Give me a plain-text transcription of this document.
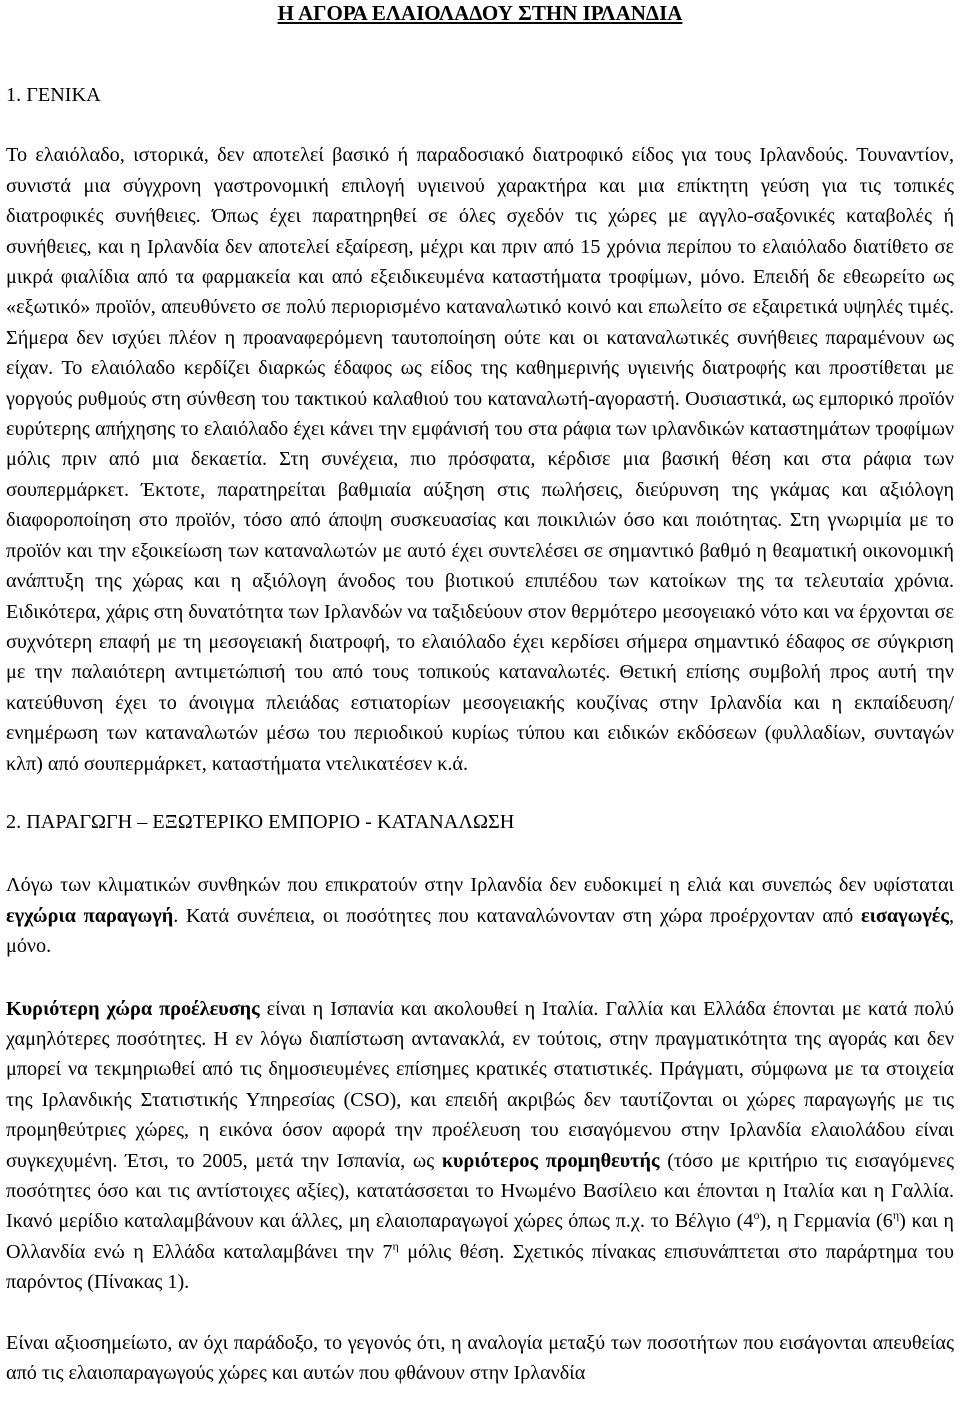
Η ΑΓΟΡΑ ΕΛΑΙΟΛΑΔΟΥ ΣΤΗΝ ΙΡΛΑΝΔΙΑ
1. ΓΕΝΙΚΑ

Το ελαιόλαδο, ιστορικά, δεν αποτελεί βασικό ή παραδοσιακό διατροφικό είδος για τους Ιρλανδούς. Τουναντίον, συνιστά μια σύγχρονη γαστρονομική επιλογή υγιεινού χαρακτήρα και μια επίκτητη γεύση για τις τοπικές διατροφικές συνήθειες. Όπως έχει παρατηρηθεί σε όλες σχεδόν τις χώρες με αγγλο-σαξονικές καταβολές ή συνήθειες, και η Ιρλανδία δεν αποτελεί εξαίρεση, μέχρι και πριν από 15 χρόνια περίπου το ελαιόλαδο διατίθετο σε μικρά φιαλίδια από τα φαρμακεία και από εξειδικευμένα καταστήματα τροφίμων, μόνο. Επειδή δε εθεωρείτο ως «εξωτικό» προϊόν, απευθύνετο σε πολύ περιορισμένο καταναλωτικό κοινό και επωλείτο σε εξαιρετικά υψηλές τιμές. Σήμερα δεν ισχύει πλέον η προαναφερόμενη ταυτοποίηση ούτε και οι καταναλωτικές συνήθειες παραμένουν ως είχαν. Το ελαιόλαδο κερδίζει διαρκώς έδαφος ως είδος της καθημερινής υγιεινής διατροφής και προστίθεται με γοργούς ρυθμούς στη σύνθεση του τακτικού καλαθιού του καταναλωτή-αγοραστή. Ουσιαστικά, ως εμπορικό προϊόν ευρύτερης απήχησης το ελαιόλαδο έχει κάνει την εμφάνισή του στα ράφια των ιρλανδικών καταστημάτων τροφίμων μόλις πριν από μια δεκαετία. Στη συνέχεια, πιο πρόσφατα, κέρδισε μια βασική θέση και στα ράφια των σουπερμάρκετ. Έκτοτε, παρατηρείται βαθμιαία αύξηση στις πωλήσεις, διεύρυνση της γκάμας και αξιόλογη διαφοροποίηση στο προϊόν, τόσο από άποψη συσκευασίας και ποικιλιών όσο και ποιότητας. Στη γνωριμία με το προϊόν και την εξοικείωση των καταναλωτών με αυτό έχει συντελέσει σε σημαντικό βαθμό η θεαματική οικονομική ανάπτυξη της χώρας και η αξιόλογη άνοδος του βιοτικού επιπέδου των κατοίκων της τα τελευταία χρόνια. Ειδικότερα, χάρις στη δυνατότητα των Ιρλανδών να ταξιδεύουν στον θερμότερο μεσογειακό νότο και να έρχονται σε συχνότερη επαφή με τη μεσογειακή διατροφή, το ελαιόλαδο έχει κερδίσει σήμερα σημαντικό έδαφος σε σύγκριση με την παλαιότερη αντιμετώπισή του από τους τοπικούς καταναλωτές. Θετική επίσης συμβολή προς αυτή την κατεύθυνση έχει το άνοιγμα πλειάδας εστιατορίων μεσογειακής κουζίνας στην Ιρλανδία και η εκπαίδευση/ ενημέρωση των καταναλωτών μέσω του περιοδικού κυρίως τύπου και ειδικών εκδόσεων (φυλλαδίων, συνταγών κλπ) από σουπερμάρκετ, καταστήματα ντελικατέσεν κ.ά.

2. ΠΑΡΑΓΩΓΗ – ΕΞΩΤΕΡΙΚΟ ΕΜΠΟΡΙΟ - ΚΑΤΑΝΑΛΩΣΗ

Λόγω των κλιματικών συνθηκών που επικρατούν στην Ιρλανδία δεν ευδοκιμεί η ελιά και συνεπώς δεν υφίσταται εγχώρια παραγωγή. Κατά συνέπεια, οι ποσότητες που καταναλώνονταν στη χώρα προέρχονταν από εισαγωγές, μόνο.

Κυριότερη χώρα προέλευσης είναι η Ισπανία και ακολουθεί η Ιταλία. Γαλλία και Ελλάδα έπονται με κατά πολύ χαμηλότερες ποσότητες. Η εν λόγω διαπίστωση αντανακλά, εν τούτοις, στην πραγματικότητα της αγοράς και δεν μπορεί να τεκμηριωθεί από τις δημοσιευμένες επίσημες κρατικές στατιστικές. Πράγματι, σύμφωνα με τα στοιχεία της Ιρλανδικής Στατιστικής Υπηρεσίας (CSO), και επειδή ακριβώς δεν ταυτίζονται οι χώρες παραγωγής με τις προμηθεύτριες χώρες, η εικόνα όσον αφορά την προέλευση του εισαγόμενου στην Ιρλανδία ελαιολάδου είναι συγκεχυμένη. Έτσι, το 2005, μετά την Ισπανία, ως κυριότερος προμηθευτής (τόσο με κριτήριο τις εισαγόμενες ποσότητες όσο και τις αντίστοιχες αξίες), κατατάσσεται το Ηνωμένο Βασίλειο και έπονται η Ιταλία και η Γαλλία. Ικανό μερίδιο καταλαμβάνουν και άλλες, μη ελαιοπαραγωγοί χώρες όπως π.χ. το Βέλγιο $(4^o)$, η Γερμανία $(6^\eta)$ και η Ολλανδία ενώ η Ελλάδα καταλαμβάνει την $7^\eta$ μόλις θέση. Σχετικός πίνακας επισυνάπτεται στο παράρτημα του παρόντος (Πίνακας 1).

Είναι αξιοσημείωτο, αν όχι παράδοξο, το γεγονός ότι, η αναλογία μεταξύ των ποσοτήτων που εισάγονται απευθείας από τις ελαιοπαραγωγούς χώρες και αυτών που φθάνουν στην Ιρλανδία
